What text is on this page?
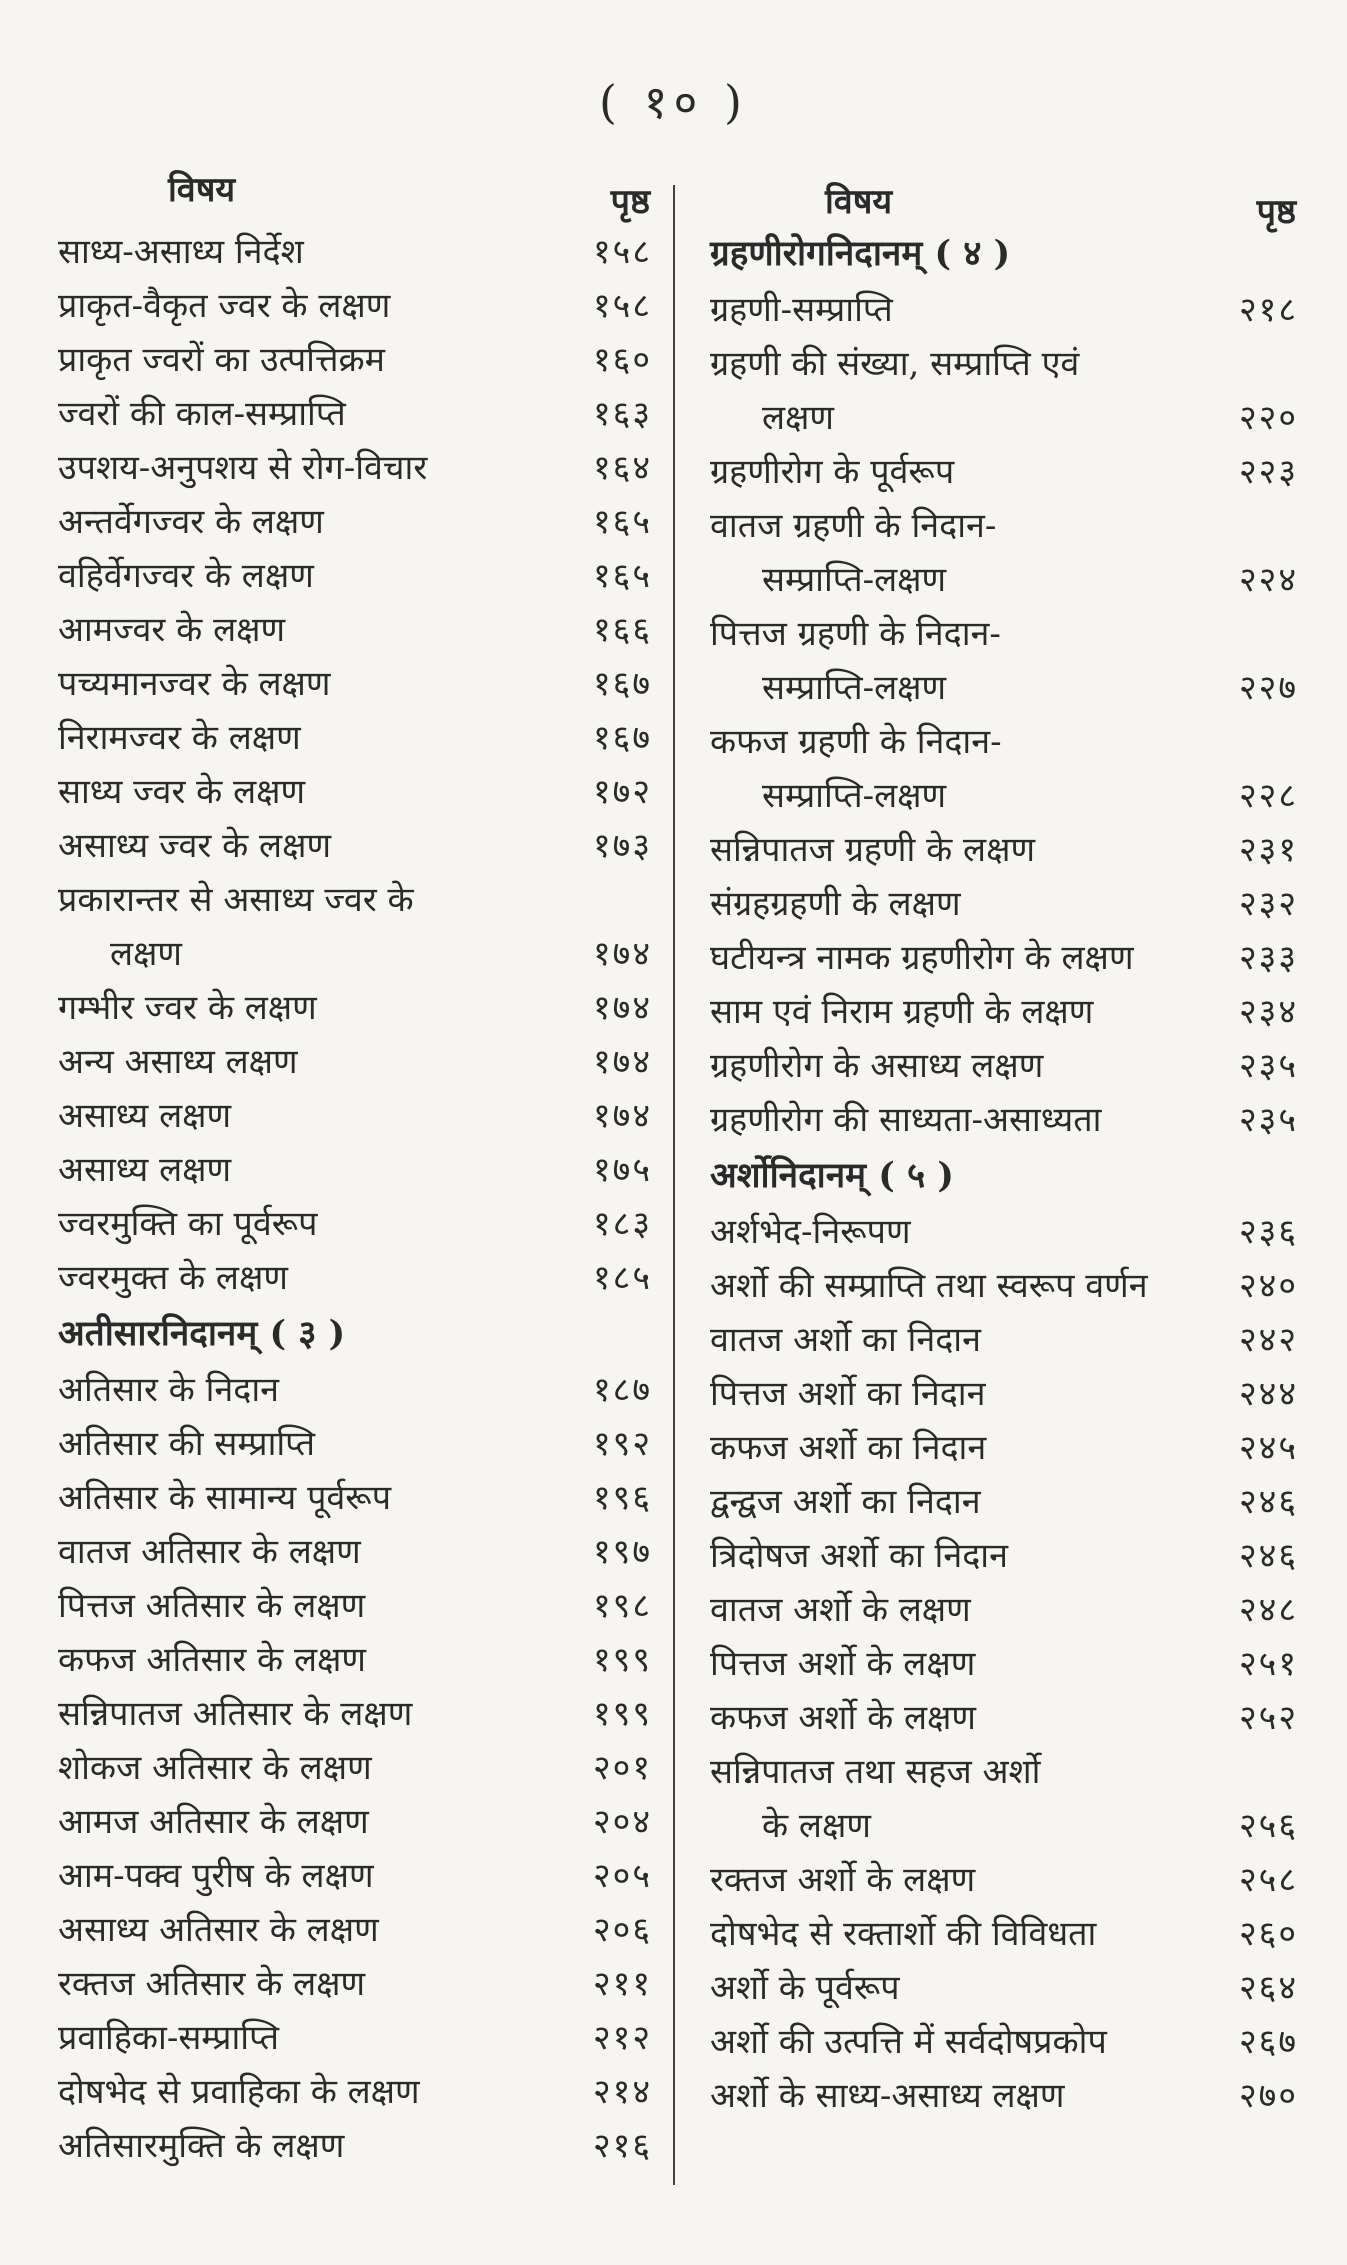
( १० )
विषय	पृष्ठ
साध्य-असाध्य निर्देश	१५८
प्राकृत-वैकृत ज्वर के लक्षण	१५८
प्राकृत ज्वरों का उत्पत्तिक्रम	१६०
ज्वरों की काल-सम्प्राप्ति	१६३
उपशय-अनुपशय से रोग-विचार	१६४
अन्तर्वेगज्वर के लक्षण	१६५
वहिर्वेगज्वर के लक्षण	१६५
आमज्वर के लक्षण	१६६
पच्यमानज्वर के लक्षण	१६७
निरामज्वर के लक्षण	१६७
साध्य ज्वर के लक्षण	१७२
असाध्य ज्वर के लक्षण	१७३
प्रकारान्तर से असाध्य ज्वर के
लक्षण	१७४
गम्भीर ज्वर के लक्षण	१७४
अन्य असाध्य लक्षण	१७४
असाध्य लक्षण	१७४
असाध्य लक्षण	१७५
ज्वरमुक्ति का पूर्वरूप	१८३
ज्वरमुक्त के लक्षण	१८५
अतीसारनिदानम् ( ३ )
अतिसार के निदान	१८७
अतिसार की सम्प्राप्ति	१९२
अतिसार के सामान्य पूर्वरूप	१९६
वातज अतिसार के लक्षण	१९७
पित्तज अतिसार के लक्षण	१९८
कफज अतिसार के लक्षण	१९९
सन्निपातज अतिसार के लक्षण	१९९
शोकज अतिसार के लक्षण	२०१
आमज अतिसार के लक्षण	२०४
आम-पक्व पुरीष के लक्षण	२०५
असाध्य अतिसार के लक्षण	२०६
रक्तज अतिसार के लक्षण	२११
प्रवाहिका-सम्प्राप्ति	२१२
दोषभेद से प्रवाहिका के लक्षण	२१४
अतिसारमुक्ति के लक्षण	२१६
विषय	पृष्ठ
ग्रहणीरोगनिदानम् ( ४ )
ग्रहणी-सम्प्राप्ति	२१८
ग्रहणी की संख्या, सम्प्राप्ति एवं
लक्षण	२२०
ग्रहणीरोग के पूर्वरूप	२२३
वातज ग्रहणी के निदान-
सम्प्राप्ति-लक्षण	२२४
पित्तज ग्रहणी के निदान-
सम्प्राप्ति-लक्षण	२२७
कफज ग्रहणी के निदान-
सम्प्राप्ति-लक्षण	२२८
सन्निपातज ग्रहणी के लक्षण	२३१
संग्रहग्रहणी के लक्षण	२३२
घटीयन्त्र नामक ग्रहणीरोग के लक्षण	२३३
साम एवं निराम ग्रहणी के लक्षण	२३४
ग्रहणीरोग के असाध्य लक्षण	२३५
ग्रहणीरोग की साध्यता-असाध्यता	२३५
अर्शोनिदानम् ( ५ )
अर्शभेद-निरूपण	२३६
अर्शो की सम्प्राप्ति तथा स्वरूप वर्णन	२४०
वातज अर्शो का निदान	२४२
पित्तज अर्शो का निदान	२४४
कफज अर्शो का निदान	२४५
द्वन्द्वज अर्शो का निदान	२४६
त्रिदोषज अर्शो का निदान	२४६
वातज अर्शो के लक्षण	२४८
पित्तज अर्शो के लक्षण	२५१
कफज अर्शो के लक्षण	२५२
सन्निपातज तथा सहज अर्शो
के लक्षण	२५६
रक्तज अर्शो के लक्षण	२५८
दोषभेद से रक्तार्शो की विविधता	२६०
अर्शो के पूर्वरूप	२६४
अर्शो की उत्पत्ति में सर्वदोषप्रकोप	२६७
अर्शो के साध्य-असाध्य लक्षण	२७०
